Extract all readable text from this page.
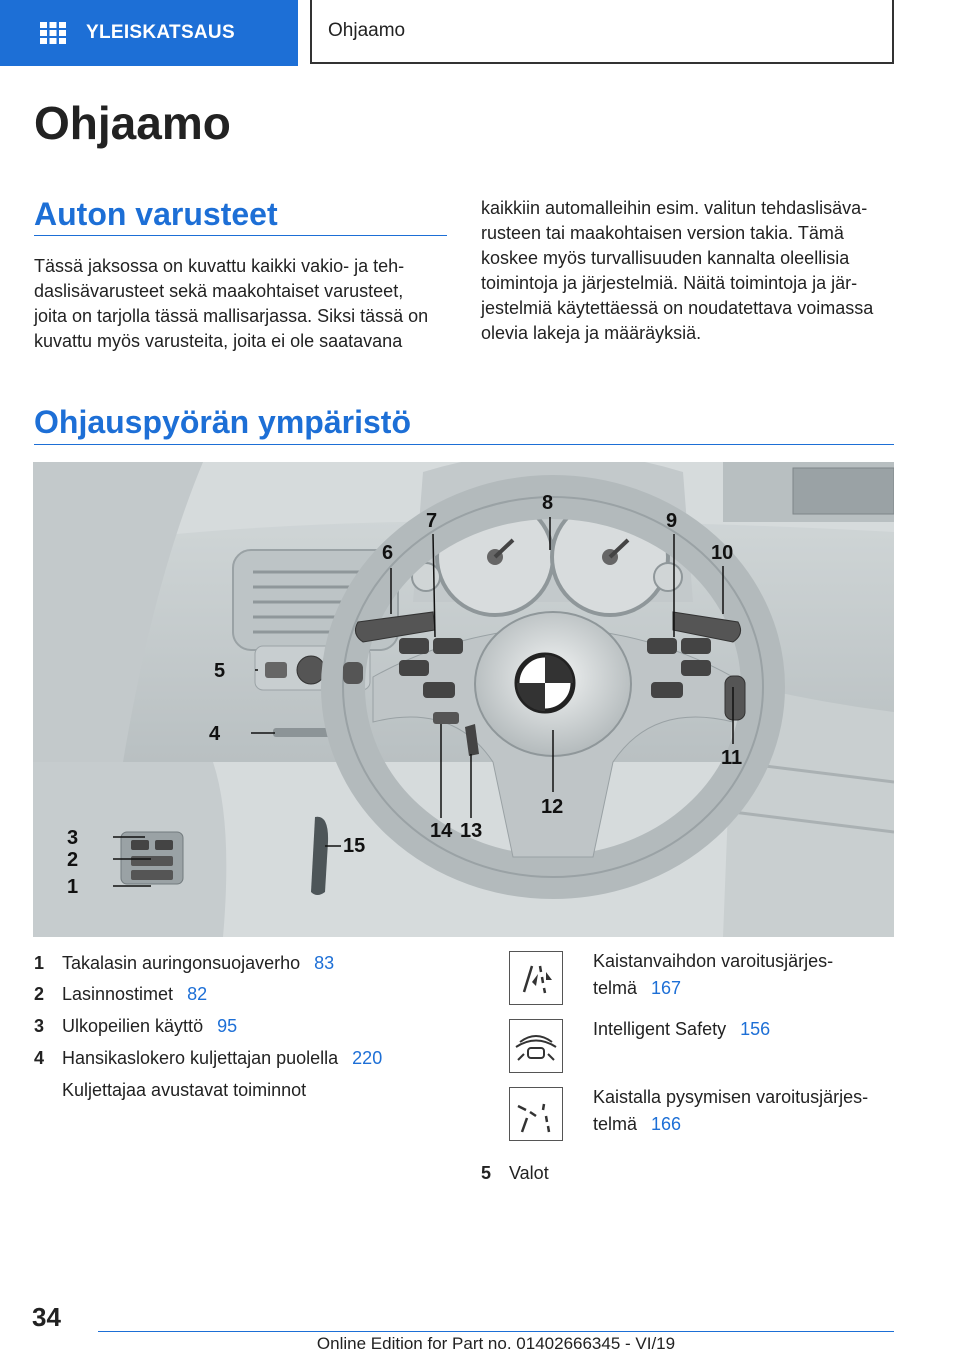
YLEISKATSAUS	Ohjaamo
Ohjaamo
Auton varusteet
Tässä jaksossa on kuvattu kaikki vakio- ja teh-
daslisävarusteet sekä maakohtaiset varusteet,
joita on tarjolla tässä mallisarjassa. Siksi tässä on
kuvattu myös varusteita, joita ei ole saatavana
kaikkiin automalleihin esim. valitun tehdaslisäva-
rusteen tai maakohtaisen version takia. Tämä
koskee myös turvallisuuden kannalta oleellisia
toimintoja ja järjestelmiä. Näitä toimintoja ja jär-
jestelmiä käytettäessä on noudatettava voimassa
olevia lakeja ja määräyksiä.
Ohjauspyörän ympäristö
1
2
3
4
5
6
7
8
9
10
11
12
13
14
15
1 Takalasin auringonsuojaverho 83
2 Lasinnostimet 82
3 Ulkopeilien käyttö 95
4 Hansikaslokero kuljettajan puolella 220
Kuljettajaa avustavat toiminnot
Kaistanvaihdon varoitusjärjes-
telmä 167
Intelligent Safety 156
Kaistalla pysymisen varoitusjärjes-
telmä 166
5 Valot
34
Online Edition for Part no. 01402666345 - VI/19
